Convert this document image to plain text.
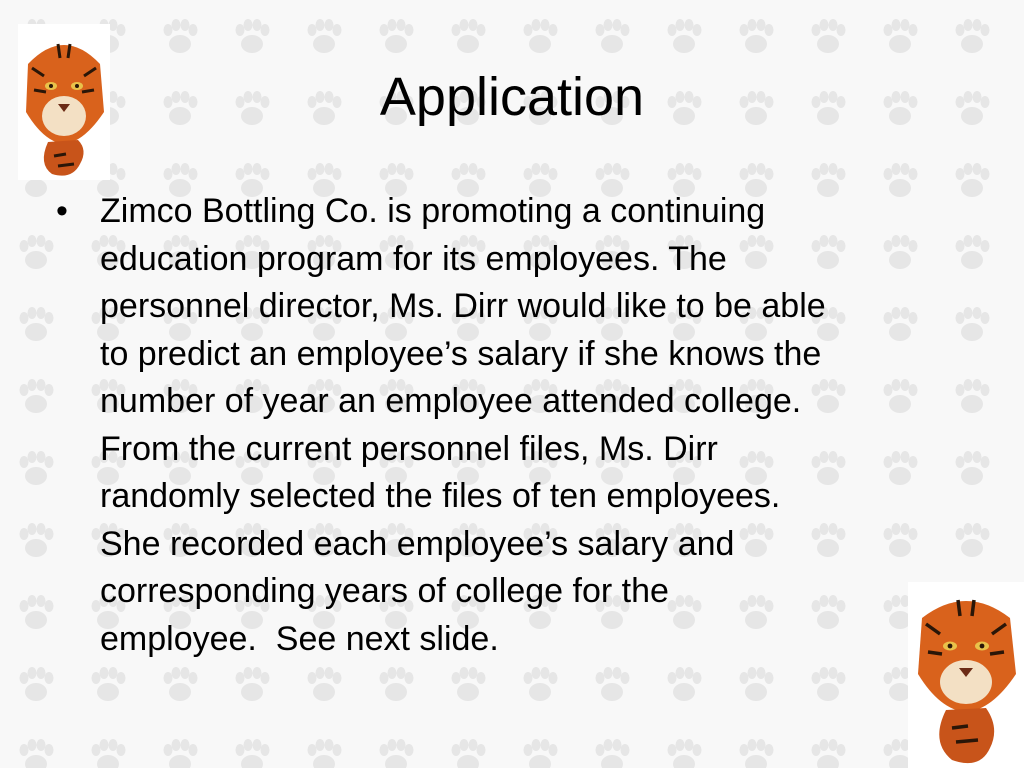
Application
• Zimco Bottling Co. is promoting a continuing
education program for its employees. The
personnel director, Ms. Dirr would like to be able
to predict an employee’s salary if she knows the
number of year an employee attended college.
From the current personnel files, Ms. Dirr
randomly selected the files of ten employees.
She recorded each employee’s salary and
corresponding years of college for the
employee.  See next slide.
